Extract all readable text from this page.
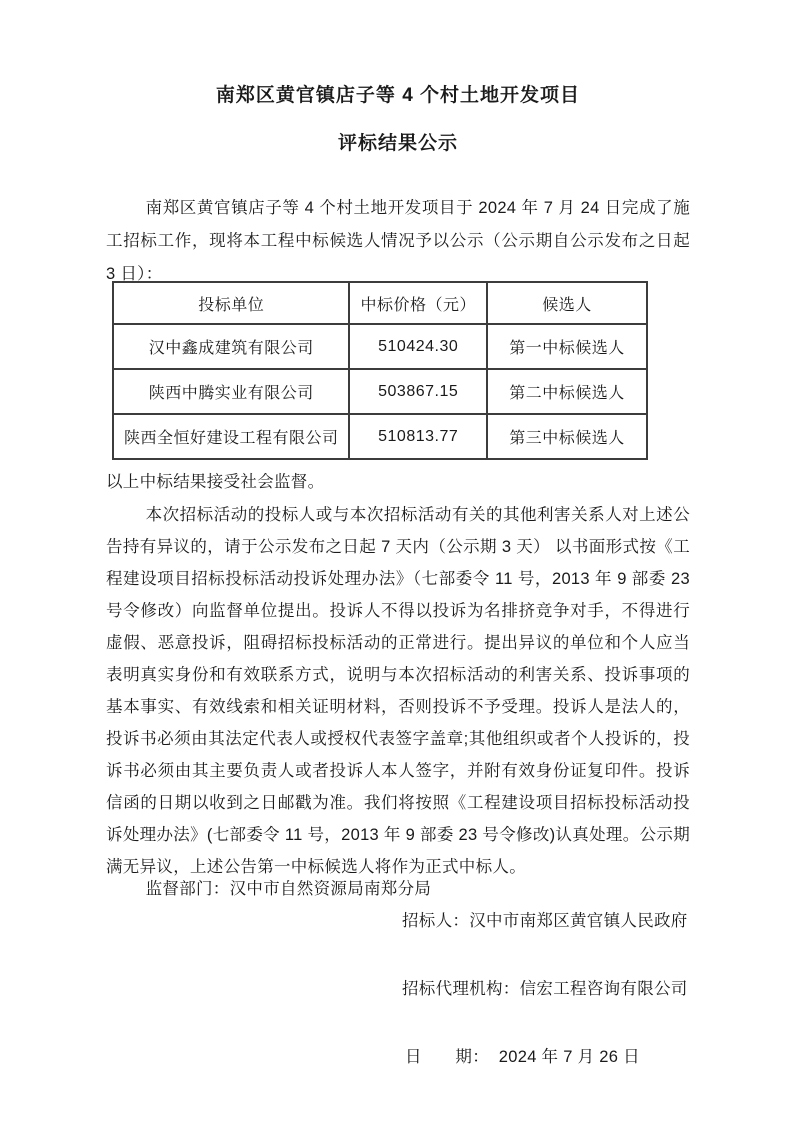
南郑区黄官镇店子等 4 个村土地开发项目
评标结果公示

南郑区黄官镇店子等 4 个村土地开发项目于 2024 年 7 月 24 日完成了施工招标工作，现将本工程中标候选人情况予以公示（公示期自公示发布之日起 3 日）：

投标单位	中标价格（元）	候选人
汉中鑫成建筑有限公司	510424.30	第一中标候选人
陕西中腾实业有限公司	503867.15	第二中标候选人
陕西全恒好建设工程有限公司	510813.77	第三中标候选人

以上中标结果接受社会监督。

本次招标活动的投标人或与本次招标活动有关的其他利害关系人对上述公告持有异议的，请于公示发布之日起 7 天内（公示期 3 天） 以书面形式按《工程建设项目招标投标活动投诉处理办法》（七部委令 11 号，2013 年 9 部委 23 号令修改）向监督单位提出。投诉人不得以投诉为名排挤竞争对手，不得进行虚假、恶意投诉，阻碍招标投标活动的正常进行。提出异议的单位和个人应当表明真实身份和有效联系方式，说明与本次招标活动的利害关系、投诉事项的基本事实、有效线索和相关证明材料，否则投诉不予受理。投诉人是法人的，投诉书必须由其法定代表人或授权代表签字盖章;其他组织或者个人投诉的，投诉书必须由其主要负责人或者投诉人本人签字，并附有效身份证复印件。投诉信函的日期以收到之日邮戳为准。我们将按照《工程建设项目招标投标活动投诉处理办法》(七部委令 11 号，2013 年 9 部委 23 号令修改)认真处理。公示期满无异议，上述公告第一中标候选人将作为正式中标人。

监督部门：汉中市自然资源局南郑分局

招标人：汉中市南郑区黄官镇人民政府

招标代理机构：信宏工程咨询有限公司

日　　期：  2024 年 7 月 26 日
